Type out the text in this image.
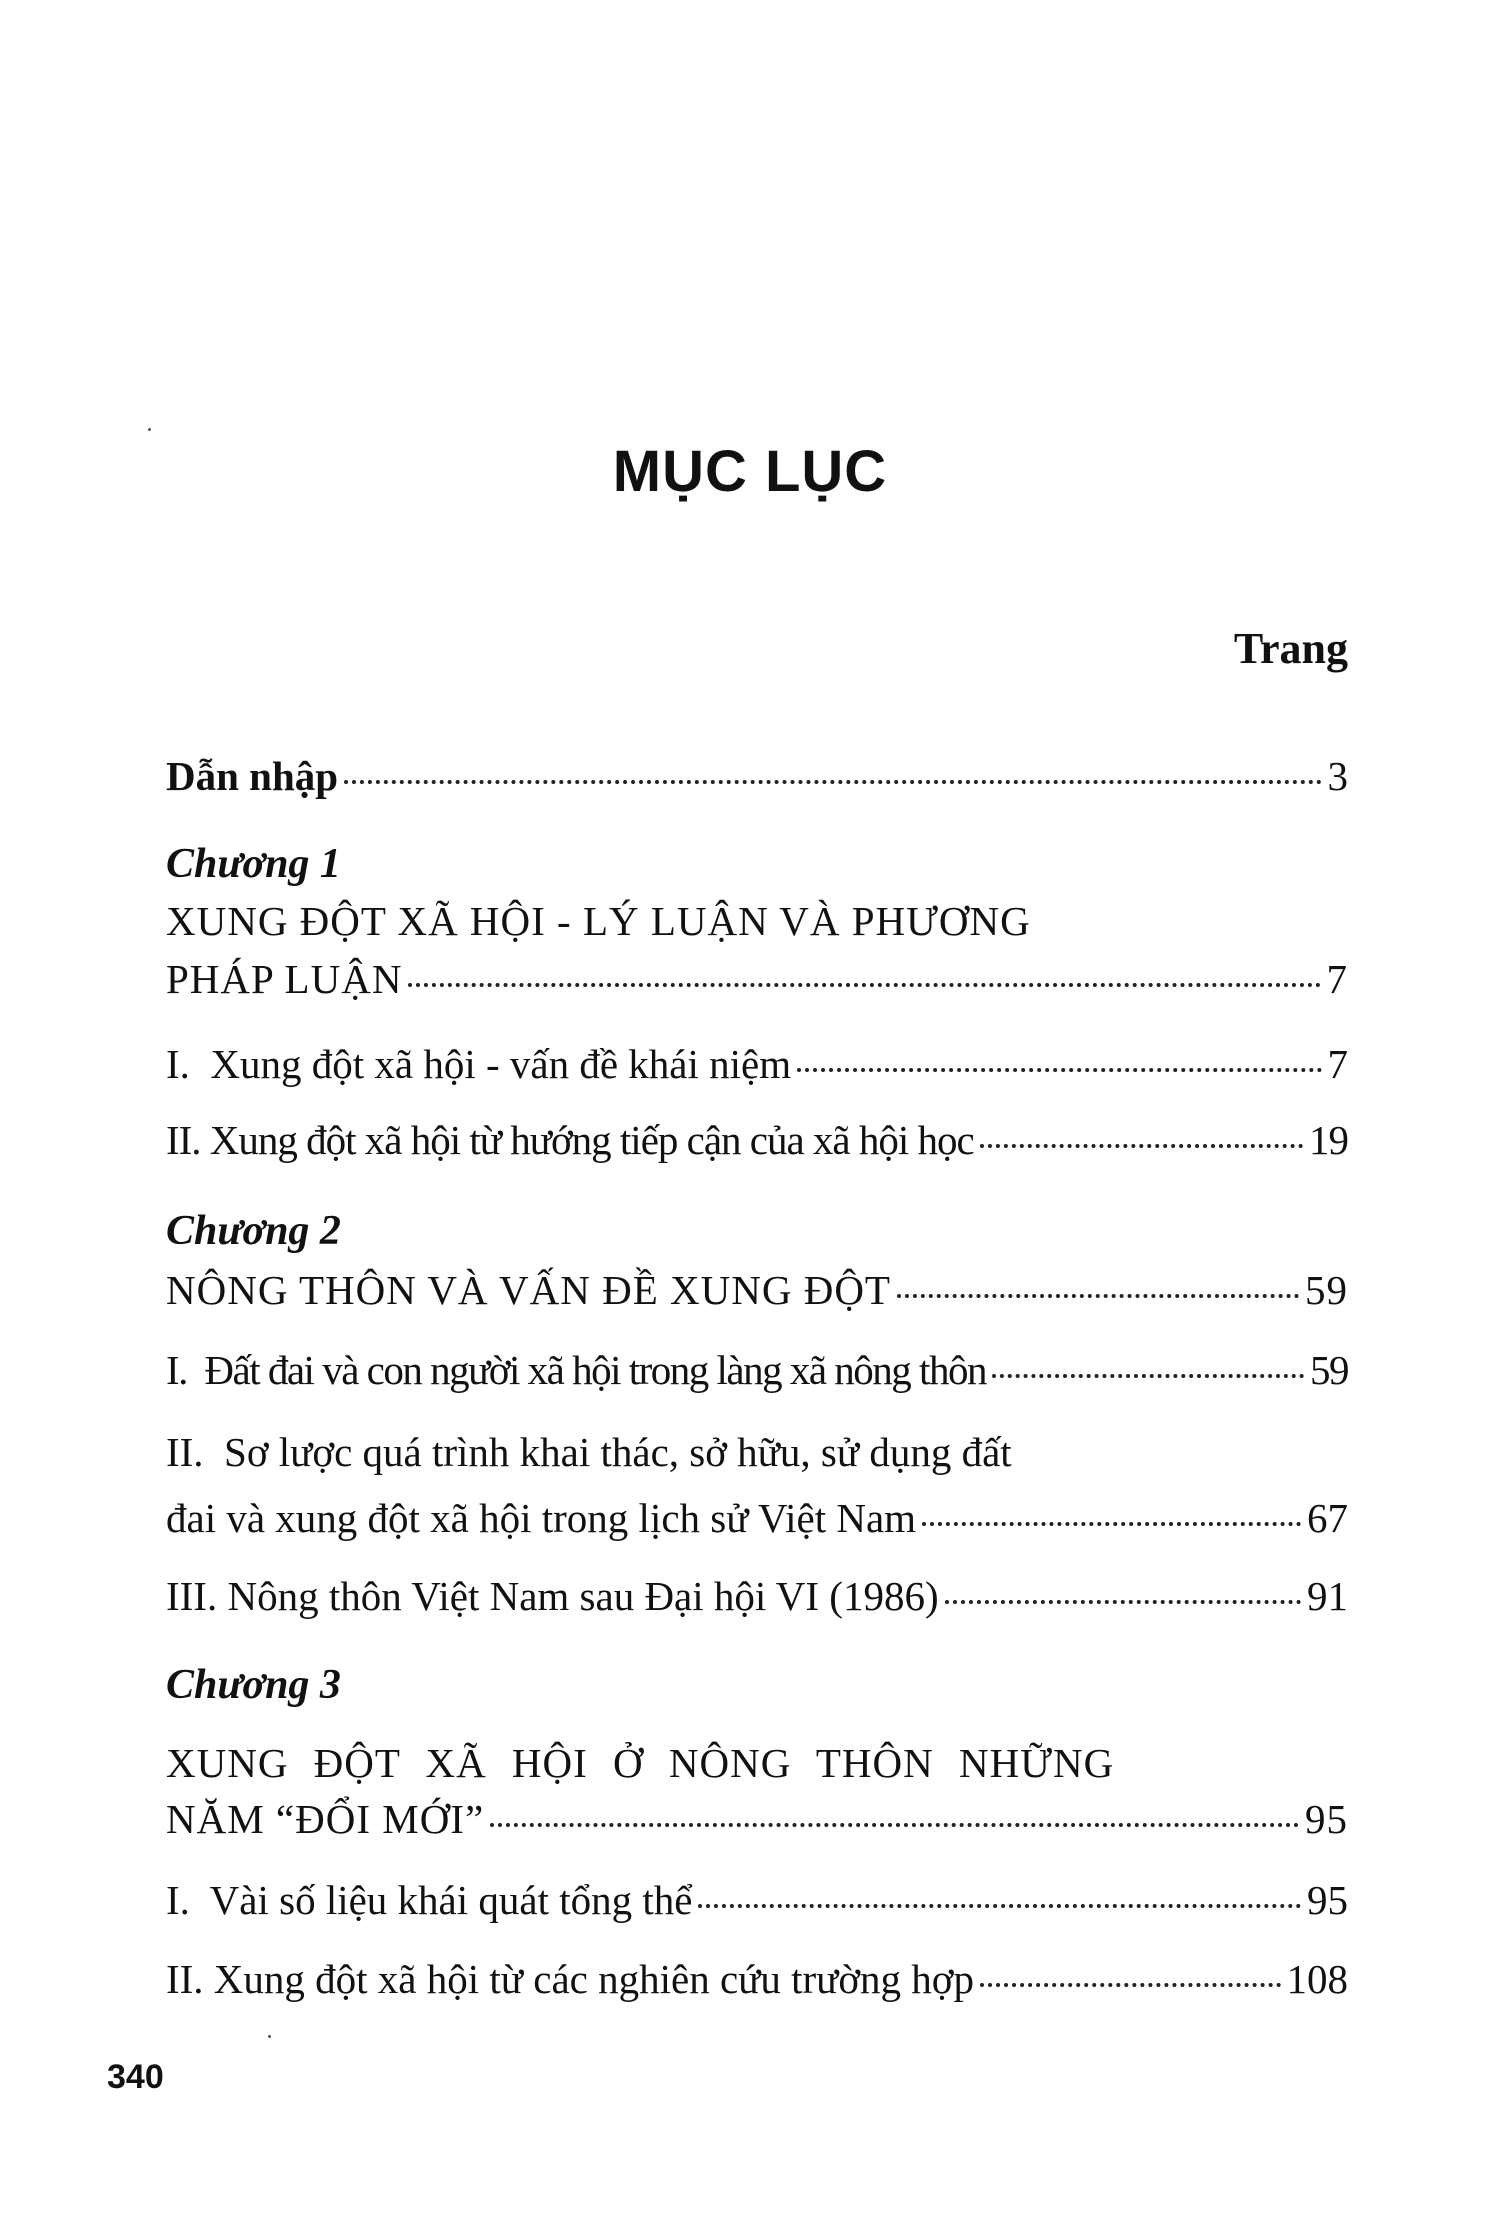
MỤC LỤC
Trang
Dẫn nhập	3
Chương 1
XUNG ĐỘT XÃ HỘI - LÝ LUẬN VÀ PHƯƠNG
PHÁP LUẬN	7
I.  Xung đột xã hội - vấn đề khái niệm	7
II. Xung đột xã hội từ hướng tiếp cận của xã hội học	19
Chương 2
NÔNG THÔN VÀ VẤN ĐỀ XUNG ĐỘT	59
I.  Đất đai và con người xã hội trong làng xã nông thôn	59
II.  Sơ lược quá trình khai thác, sở hữu, sử dụng đất
đai và xung đột xã hội trong lịch sử Việt Nam	67
III. Nông thôn Việt Nam sau Đại hội VI (1986)	91
Chương 3
XUNG ĐỘT XÃ HỘI Ở NÔNG THÔN NHỮNG
NĂM “ĐỔI MỚI”	95
I.  Vài số liệu khái quát tổng thể	95
II. Xung đột xã hội từ các nghiên cứu trường hợp	108
340
